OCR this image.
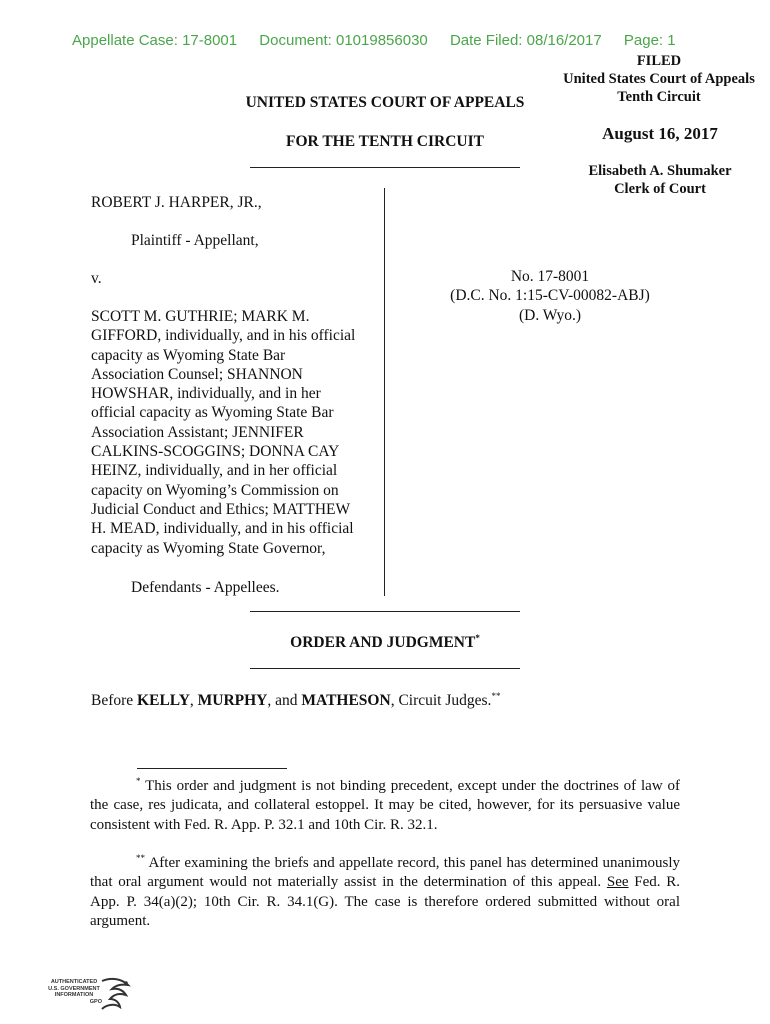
Appellate Case: 17-8001 Document: 01019856030 Date Filed: 08/16/2017 Page: 1
FILED
United States Court of Appeals
Tenth Circuit
August 16, 2017
Elisabeth A. Shumaker
Clerk of Court
UNITED STATES COURT OF APPEALS
FOR THE TENTH CIRCUIT
ROBERT J. HARPER, JR.,
Plaintiff - Appellant,
v.
SCOTT M. GUTHRIE; MARK M.
GIFFORD, individually, and in his official
capacity as Wyoming State Bar
Association Counsel; SHANNON
HOWSHAR, individually, and in her
official capacity as Wyoming State Bar
Association Assistant; JENNIFER
CALKINS-SCOGGINS; DONNA CAY
HEINZ, individually, and in her official
capacity on Wyoming’s Commission on
Judicial Conduct and Ethics; MATTHEW
H. MEAD, individually, and in his official
capacity as Wyoming State Governor,
Defendants - Appellees.
No. 17-8001
(D.C. No. 1:15-CV-00082-ABJ)
(D. Wyo.)
ORDER AND JUDGMENT*
Before KELLY, MURPHY, and MATHESON, Circuit Judges.**

* This order and judgment is not binding precedent, except under the doctrines of law of the case, res judicata, and collateral estoppel. It may be cited, however, for its persuasive value consistent with Fed. R. App. P. 32.1 and 10th Cir. R. 32.1.

** After examining the briefs and appellate record, this panel has determined unanimously that oral argument would not materially assist in the determination of this appeal. See Fed. R. App. P. 34(a)(2); 10th Cir. R. 34.1(G). The case is therefore ordered submitted without oral argument.

AUTHENTICATED
U.S. GOVERNMENT
INFORMATION
GPO
